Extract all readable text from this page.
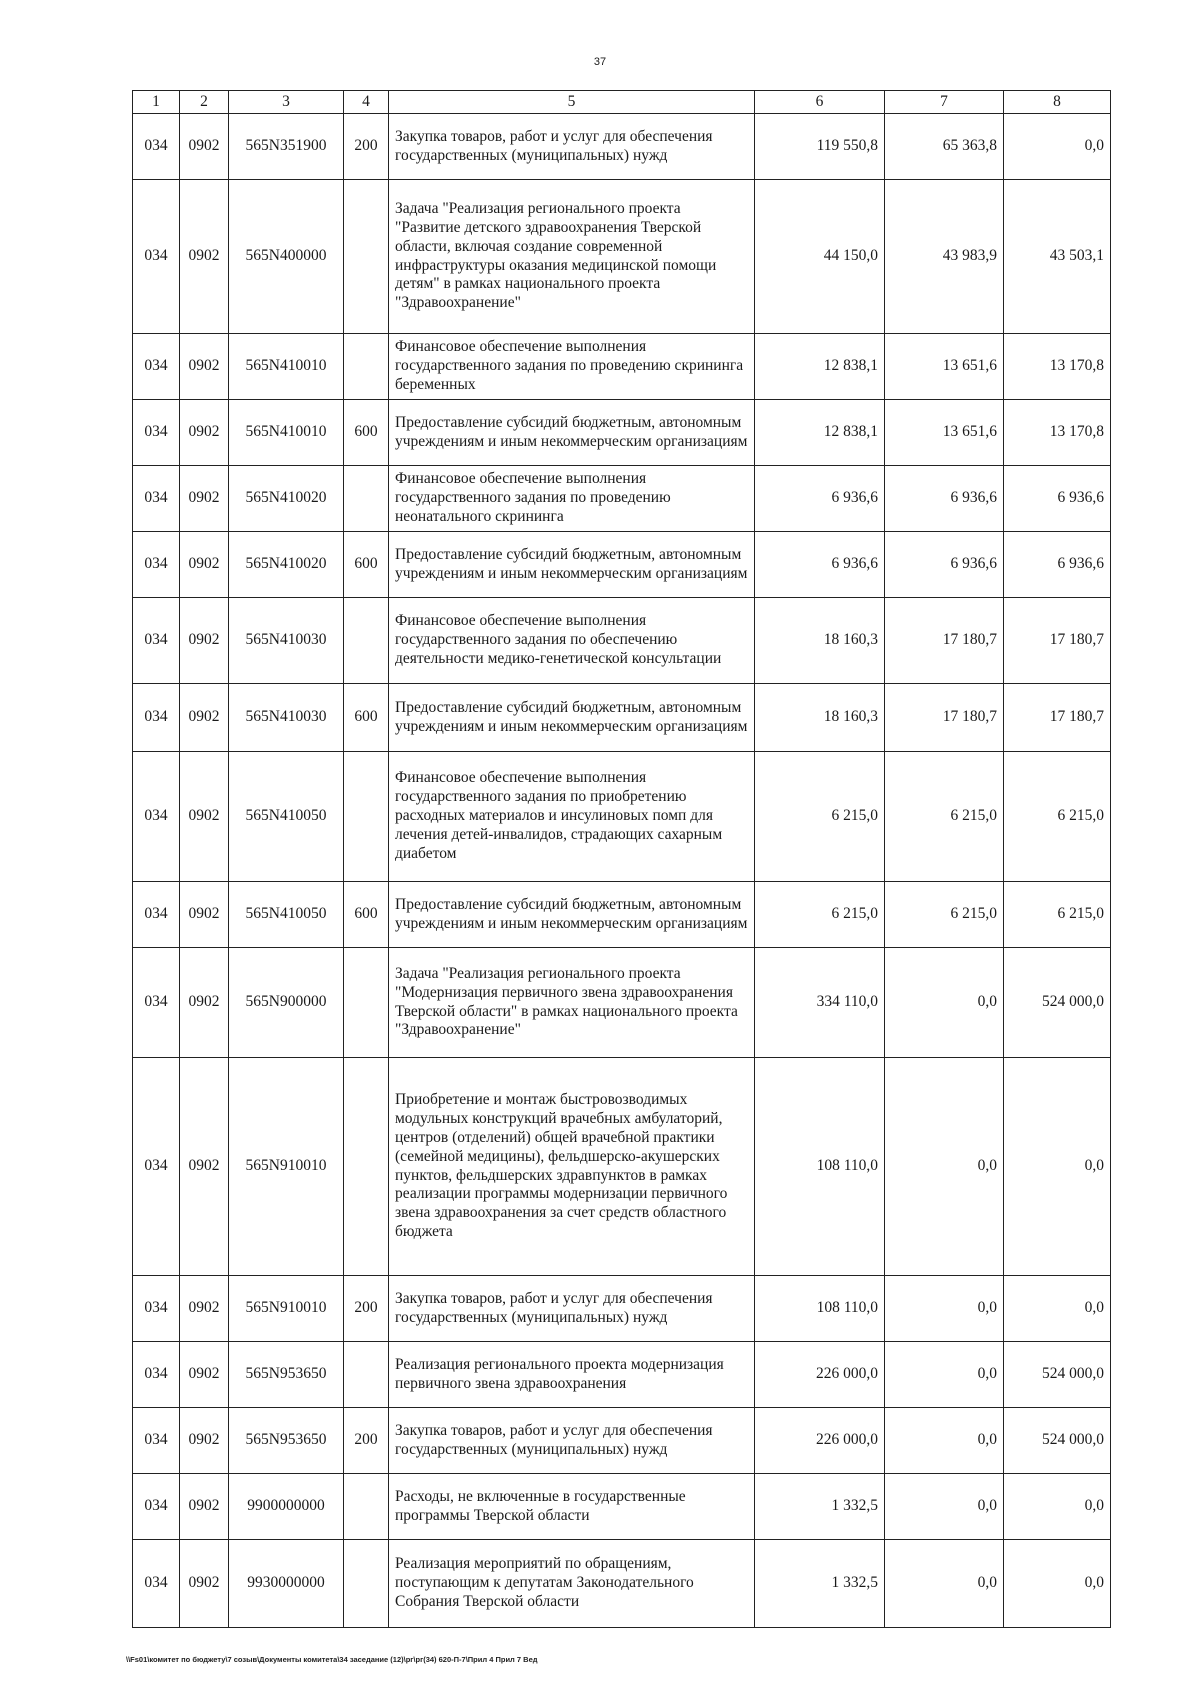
37
1	2	3	4	5	6	7	8
034	0902	565N351900	200	Закупка товаров, работ и услуг для обеспечения государственных (муниципальных) нужд	119 550,8	65 363,8	0,0
034	0902	565N400000		Задача "Реализация регионального проекта "Развитие детского здравоохранения Тверской области, включая создание современной инфраструктуры оказания медицинской помощи детям" в рамках национального проекта "Здравоохранение"	44 150,0	43 983,9	43 503,1
034	0902	565N410010		Финансовое обеспечение выполнения государственного задания по проведению скрининга беременных	12 838,1	13 651,6	13 170,8
034	0902	565N410010	600	Предоставление субсидий бюджетным, автономным учреждениям и иным некоммерческим организациям	12 838,1	13 651,6	13 170,8
034	0902	565N410020		Финансовое обеспечение выполнения государственного задания по проведению неонатального скрининга	6 936,6	6 936,6	6 936,6
034	0902	565N410020	600	Предоставление субсидий бюджетным, автономным учреждениям и иным некоммерческим организациям	6 936,6	6 936,6	6 936,6
034	0902	565N410030		Финансовое обеспечение выполнения государственного задания по обеспечению деятельности медико-генетической консультации	18 160,3	17 180,7	17 180,7
034	0902	565N410030	600	Предоставление субсидий бюджетным, автономным учреждениям и иным некоммерческим организациям	18 160,3	17 180,7	17 180,7
034	0902	565N410050		Финансовое обеспечение выполнения государственного задания по приобретению расходных материалов и инсулиновых помп для лечения детей-инвалидов, страдающих сахарным диабетом	6 215,0	6 215,0	6 215,0
034	0902	565N410050	600	Предоставление субсидий бюджетным, автономным учреждениям и иным некоммерческим организациям	6 215,0	6 215,0	6 215,0
034	0902	565N900000		Задача "Реализация регионального проекта "Модернизация первичного звена здравоохранения Тверской области" в рамках национального проекта "Здравоохранение"	334 110,0	0,0	524 000,0
034	0902	565N910010		Приобретение и монтаж быстровозводимых модульных конструкций врачебных амбулаторий, центров (отделений) общей врачебной практики (семейной медицины), фельдшерско-акушерских пунктов, фельдшерских здравпунктов в рамках реализации программы модернизации первичного звена здравоохранения за счет средств областного бюджета	108 110,0	0,0	0,0
034	0902	565N910010	200	Закупка товаров, работ и услуг для обеспечения государственных (муниципальных) нужд	108 110,0	0,0	0,0
034	0902	565N953650		Реализация регионального проекта модернизация первичного звена здравоохранения	226 000,0	0,0	524 000,0
034	0902	565N953650	200	Закупка товаров, работ и услуг для обеспечения государственных (муниципальных) нужд	226 000,0	0,0	524 000,0
034	0902	9900000000		Расходы, не включенные в государственные программы Тверской области	1 332,5	0,0	0,0
034	0902	9930000000		Реализация мероприятий по обращениям, поступающим к депутатам Законодательного Собрания Тверской области	1 332,5	0,0	0,0
\\Fs01\комитет по бюджету\7 созыв\Документы комитета\34 заседание (12)\рг\рг(34) 620-П-7\Прил 4 Прил 7 Вед
